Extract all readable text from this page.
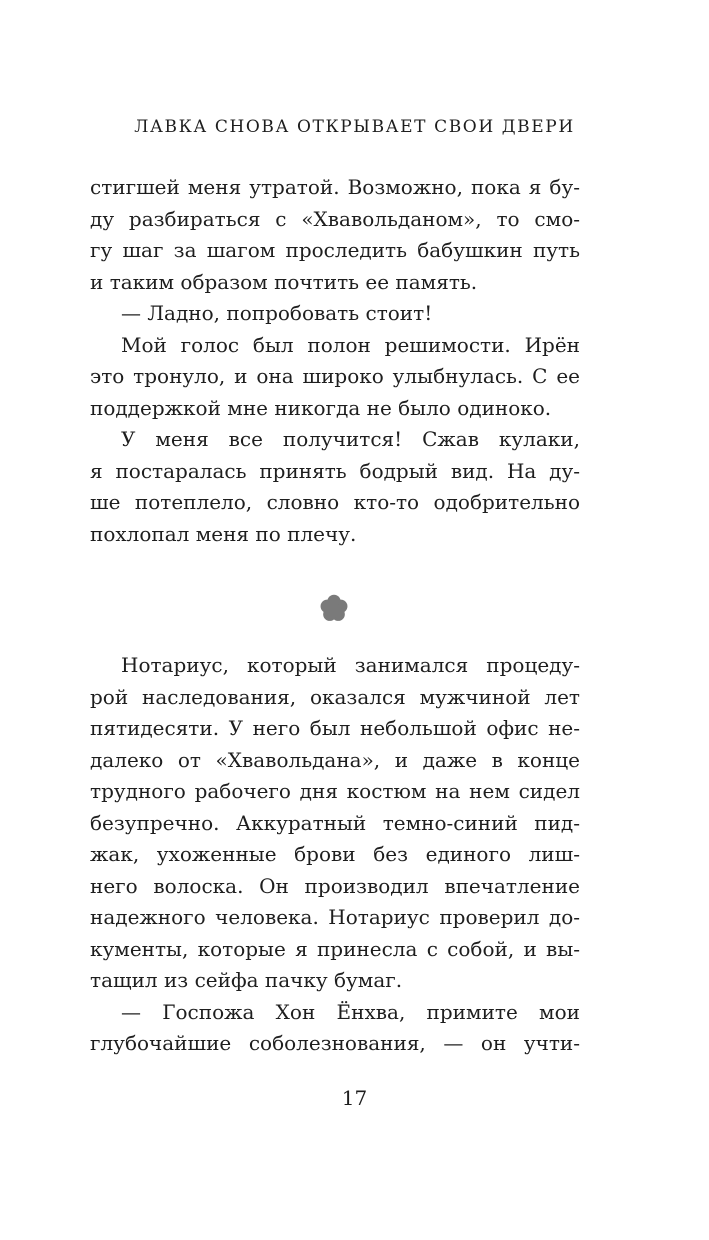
ЛАВКА СНОВА ОТКРЫВАЕТ СВОИ ДВЕРИ
стигшей меня утратой. Возможно, пока я бу-
ду разбираться с «Хвавольданом», то смо-
гу шаг за шагом проследить бабушкин путь
и таким образом почтить ее память.
— Ладно, попробовать стоит!
Мой голос был полон решимости. Ирён
это тронуло, и она широко улыбнулась. С ее
поддержкой мне никогда не было одиноко.
У меня все получится! Сжав кулаки,
я постаралась принять бодрый вид. На ду-
ше потеплело, словно кто-то одобрительно
похлопал меня по плечу.
Нотариус, который занимался процеду-
рой наследования, оказался мужчиной лет
пятидесяти. У него был небольшой офис не-
далеко от «Хвавольдана», и даже в конце
трудного рабочего дня костюм на нем сидел
безупречно. Аккуратный темно-синий пид-
жак, ухоженные брови без единого лиш-
него волоска. Он производил впечатление
надежного человека. Нотариус проверил до-
кументы, которые я принесла с собой, и вы-
тащил из сейфа пачку бумаг.
— Госпожа Хон Ёнхва, примите мои
глубочайшие соболезнования, — он учти-
17
